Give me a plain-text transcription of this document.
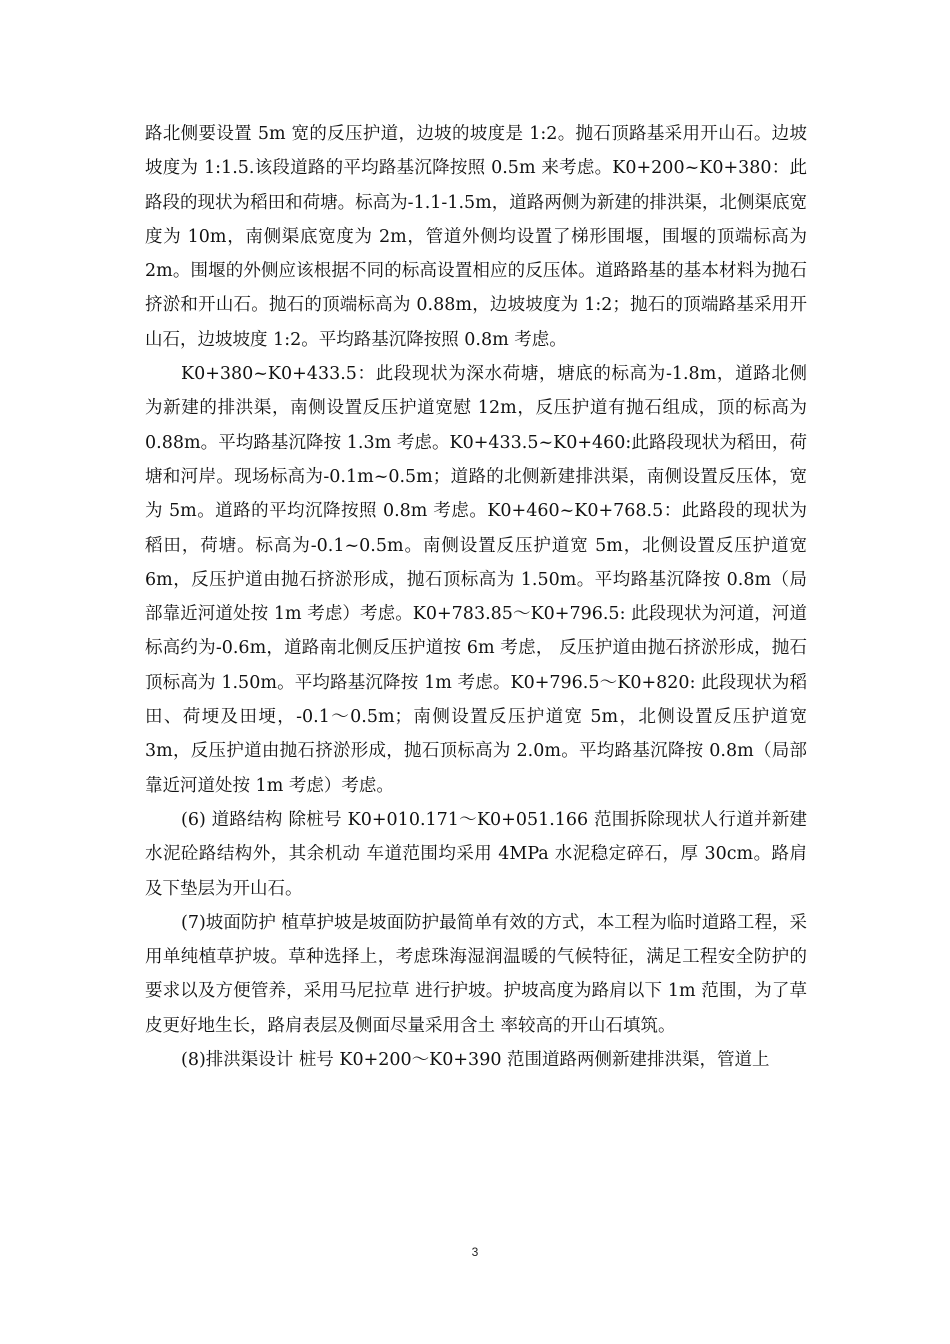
路北侧要设置 5m 宽的反压护道，边坡的坡度是 1:2。抛石顶路基采用开山石。边坡坡度为 1:1.5.该段道路的平均路基沉降按照 0.5m 来考虑。K0+200~K0+380：此路段的现状为稻田和荷塘。标高为-1.1-1.5m，道路两侧为新建的排洪渠，北侧渠底宽度为 10m，南侧渠底宽度为 2m，管道外侧均设置了梯形围堰，围堰的顶端标高为 2m。围堰的外侧应该根据不同的标高设置相应的反压体。道路路基的基本材料为抛石挤淤和开山石。抛石的顶端标高为 0.88m，边坡坡度为 1:2；抛石的顶端路基采用开山石，边坡坡度 1:2。平均路基沉降按照 0.8m 考虑。

K0+380~K0+433.5：此段现状为深水荷塘，塘底的标高为-1.8m，道路北侧为新建的排洪渠，南侧设置反压护道宽慰 12m，反压护道有抛石组成，顶的标高为 0.88m。平均路基沉降按 1.3m 考虑。K0+433.5~K0+460:此路段现状为稻田，荷塘和河岸。现场标高为-0.1m~0.5m；道路的北侧新建排洪渠，南侧设置反压体，宽为 5m。道路的平均沉降按照 0.8m 考虑。K0+460~K0+768.5：此路段的现状为稻田，荷塘。标高为-0.1~0.5m。南侧设置反压护道宽 5m，北侧设置反压护道宽 6m，反压护道由抛石挤淤形成，抛石顶标高为 1.50m。平均路基沉降按 0.8m（局部靠近河道处按 1m 考虑）考虑。K0+783.85～K0+796.5: 此段现状为河道，河道标高约为-0.6m，道路南北侧反压护道按 6m 考虑， 反压护道由抛石挤淤形成，抛石顶标高为 1.50m。平均路基沉降按 1m 考虑。K0+796.5～K0+820: 此段现状为稻田、荷埂及田埂，-0.1～0.5m；南侧设置反压护道宽 5m，北侧设置反压护道宽 3m，反压护道由抛石挤淤形成，抛石顶标高为 2.0m。平均路基沉降按 0.8m（局部靠近河道处按 1m 考虑）考虑。

(6) 道路结构 除桩号 K0+010.171～K0+051.166 范围拆除现状人行道并新建水泥砼路结构外，其余机动 车道范围均采用 4MPa 水泥稳定碎石，厚 30cm。路肩及下垫层为开山石。

(7)坡面防护 植草护坡是坡面防护最简单有效的方式，本工程为临时道路工程，采用单纯植草护坡。草种选择上，考虑珠海湿润温暖的气候特征，满足工程安全防护的要求以及方便管养，采用马尼拉草 进行护坡。护坡高度为路肩以下 1m 范围，为了草皮更好地生长，路肩表层及侧面尽量采用含土 率较高的开山石填筑。

(8)排洪渠设计 桩号 K0+200～K0+390 范围道路两侧新建排洪渠，管道上

3
